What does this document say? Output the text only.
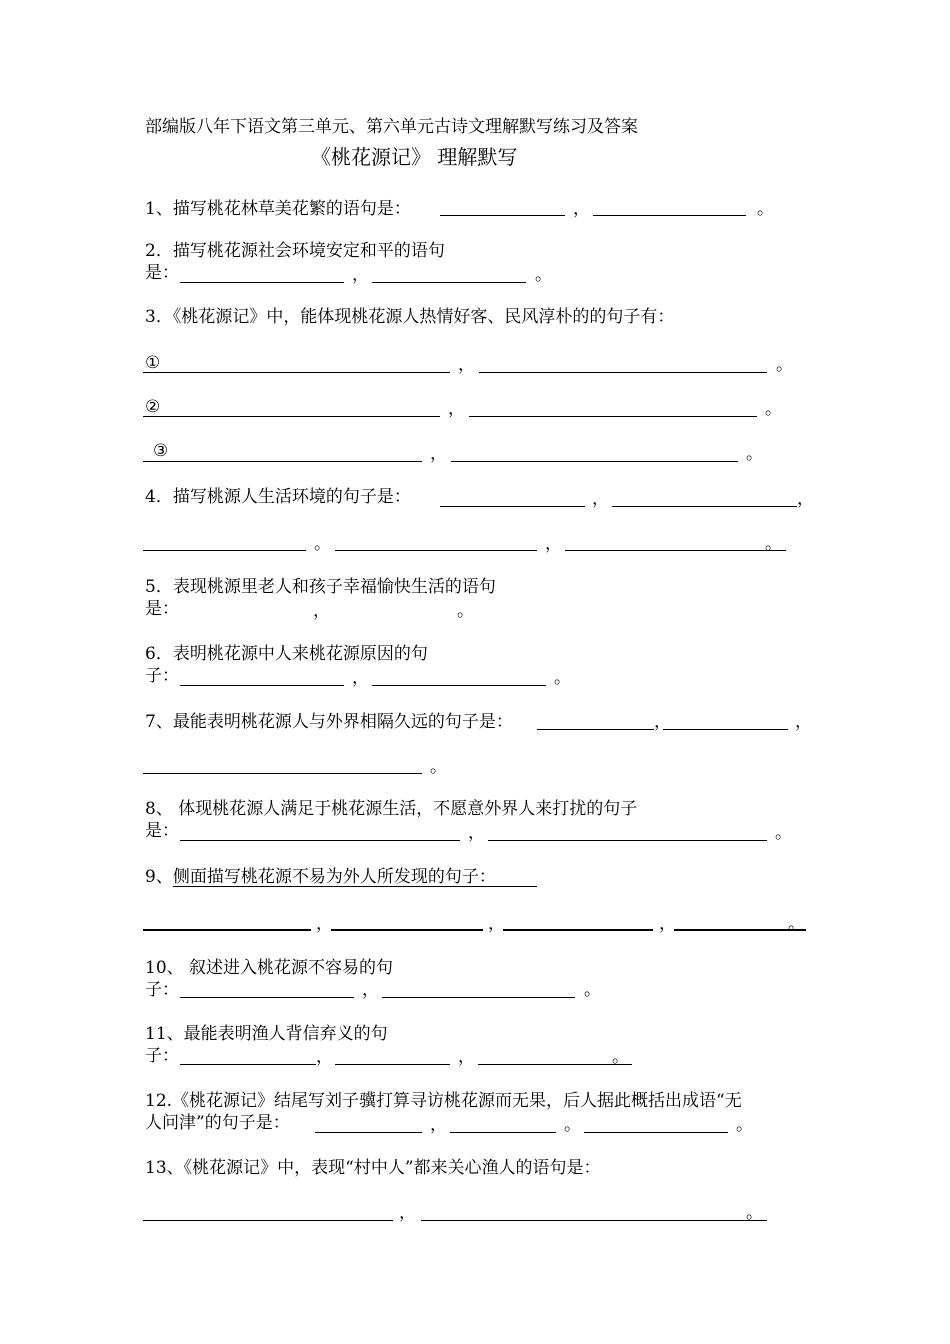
部编版八年下语文第三单元、第六单元古诗文理解默写练习及答案
《桃花源记》 理解默写
1、描写桃花林草美花繁的语句是：	，	。
2．描写桃花源社会环境安定和平的语句
是：	，	。
3．《桃花源记》中，能体现桃花源人热情好客、民风淳朴的的句子有：
①	，	。
②	，	。
③	，	。
4．描写桃源人生活环境的句子是：	，	，
。	，	。
5．表现桃源里老人和孩子幸福愉快生活的语句
是：	，	。
6．表明桃花源中人来桃花源原因的句
子：	，	。
7、最能表明桃花源人与外界相隔久远的句子是：	，	，
。
8、 体现桃花源人满足于桃花源生活，不愿意外界人来打扰的句子
是：	，	。
9、侧面描写桃花源不易为外人所发现的句子：
，	，	，	。
10、 叙述进入桃花源不容易的句
子：	，	。
11、最能表明渔人背信弃义的句
子：	，	，	。
12.《桃花源记》结尾写刘子骥打算寻访桃花源而无果，后人据此概括出成语“无
人问津”的句子是：	，	。	。
13、《桃花源记》中，表现“村中人”都来关心渔人的语句是：
，	。
